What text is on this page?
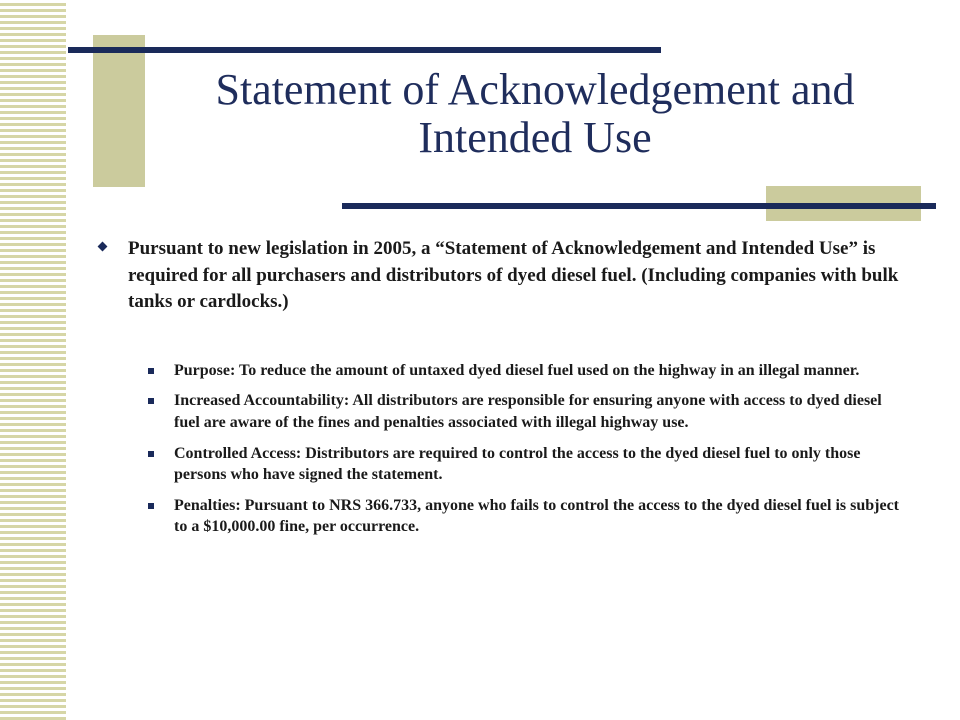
Statement of Acknowledgement and Intended Use
Pursuant to new legislation in 2005, a “Statement of Acknowledgement and Intended Use” is required for all purchasers and distributors of dyed diesel fuel. (Including companies with bulk tanks or cardlocks.)
Purpose: To reduce the amount of untaxed dyed diesel fuel used on the highway in an illegal manner.
Increased Accountability: All distributors are responsible for ensuring anyone with access to dyed diesel fuel are aware of the fines and penalties associated with illegal highway use.
Controlled Access: Distributors are required to control the access to the dyed diesel fuel to only those persons who have signed the statement.
Penalties: Pursuant to NRS 366.733, anyone who fails to control the access to the dyed diesel fuel is subject to a $10,000.00 fine, per occurrence.
